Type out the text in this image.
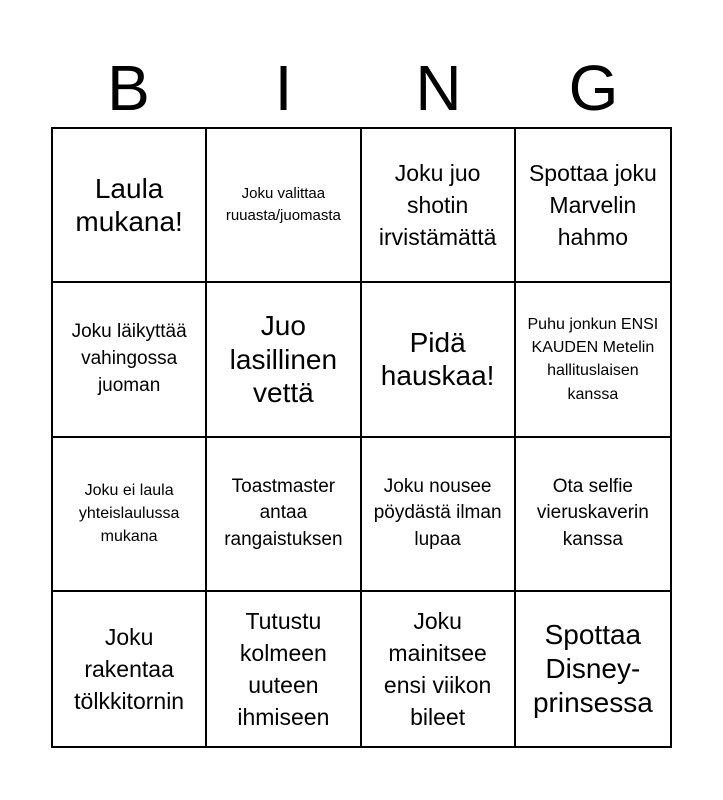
B	I	N	G
Laula mukana!
Joku valittaa ruuasta/juomasta
Joku juo shotin irvistämättä
Spottaa joku Marvelin hahmo
Joku läikyttää vahingossa juoman
Juo lasillinen vettä
Pidä hauskaa!
Puhu jonkun ENSI KAUDEN Metelin hallituslaisen kanssa
Joku ei laula yhteislaulussa mukana
Toastmaster antaa rangaistuksen
Joku nousee pöydästä ilman lupaa
Ota selfie vieruskaverin kanssa
Joku rakentaa tölkkitornin
Tutustu kolmeen uuteen ihmiseen
Joku mainitsee ensi viikon bileet
Spottaa Disney-prinsessa
